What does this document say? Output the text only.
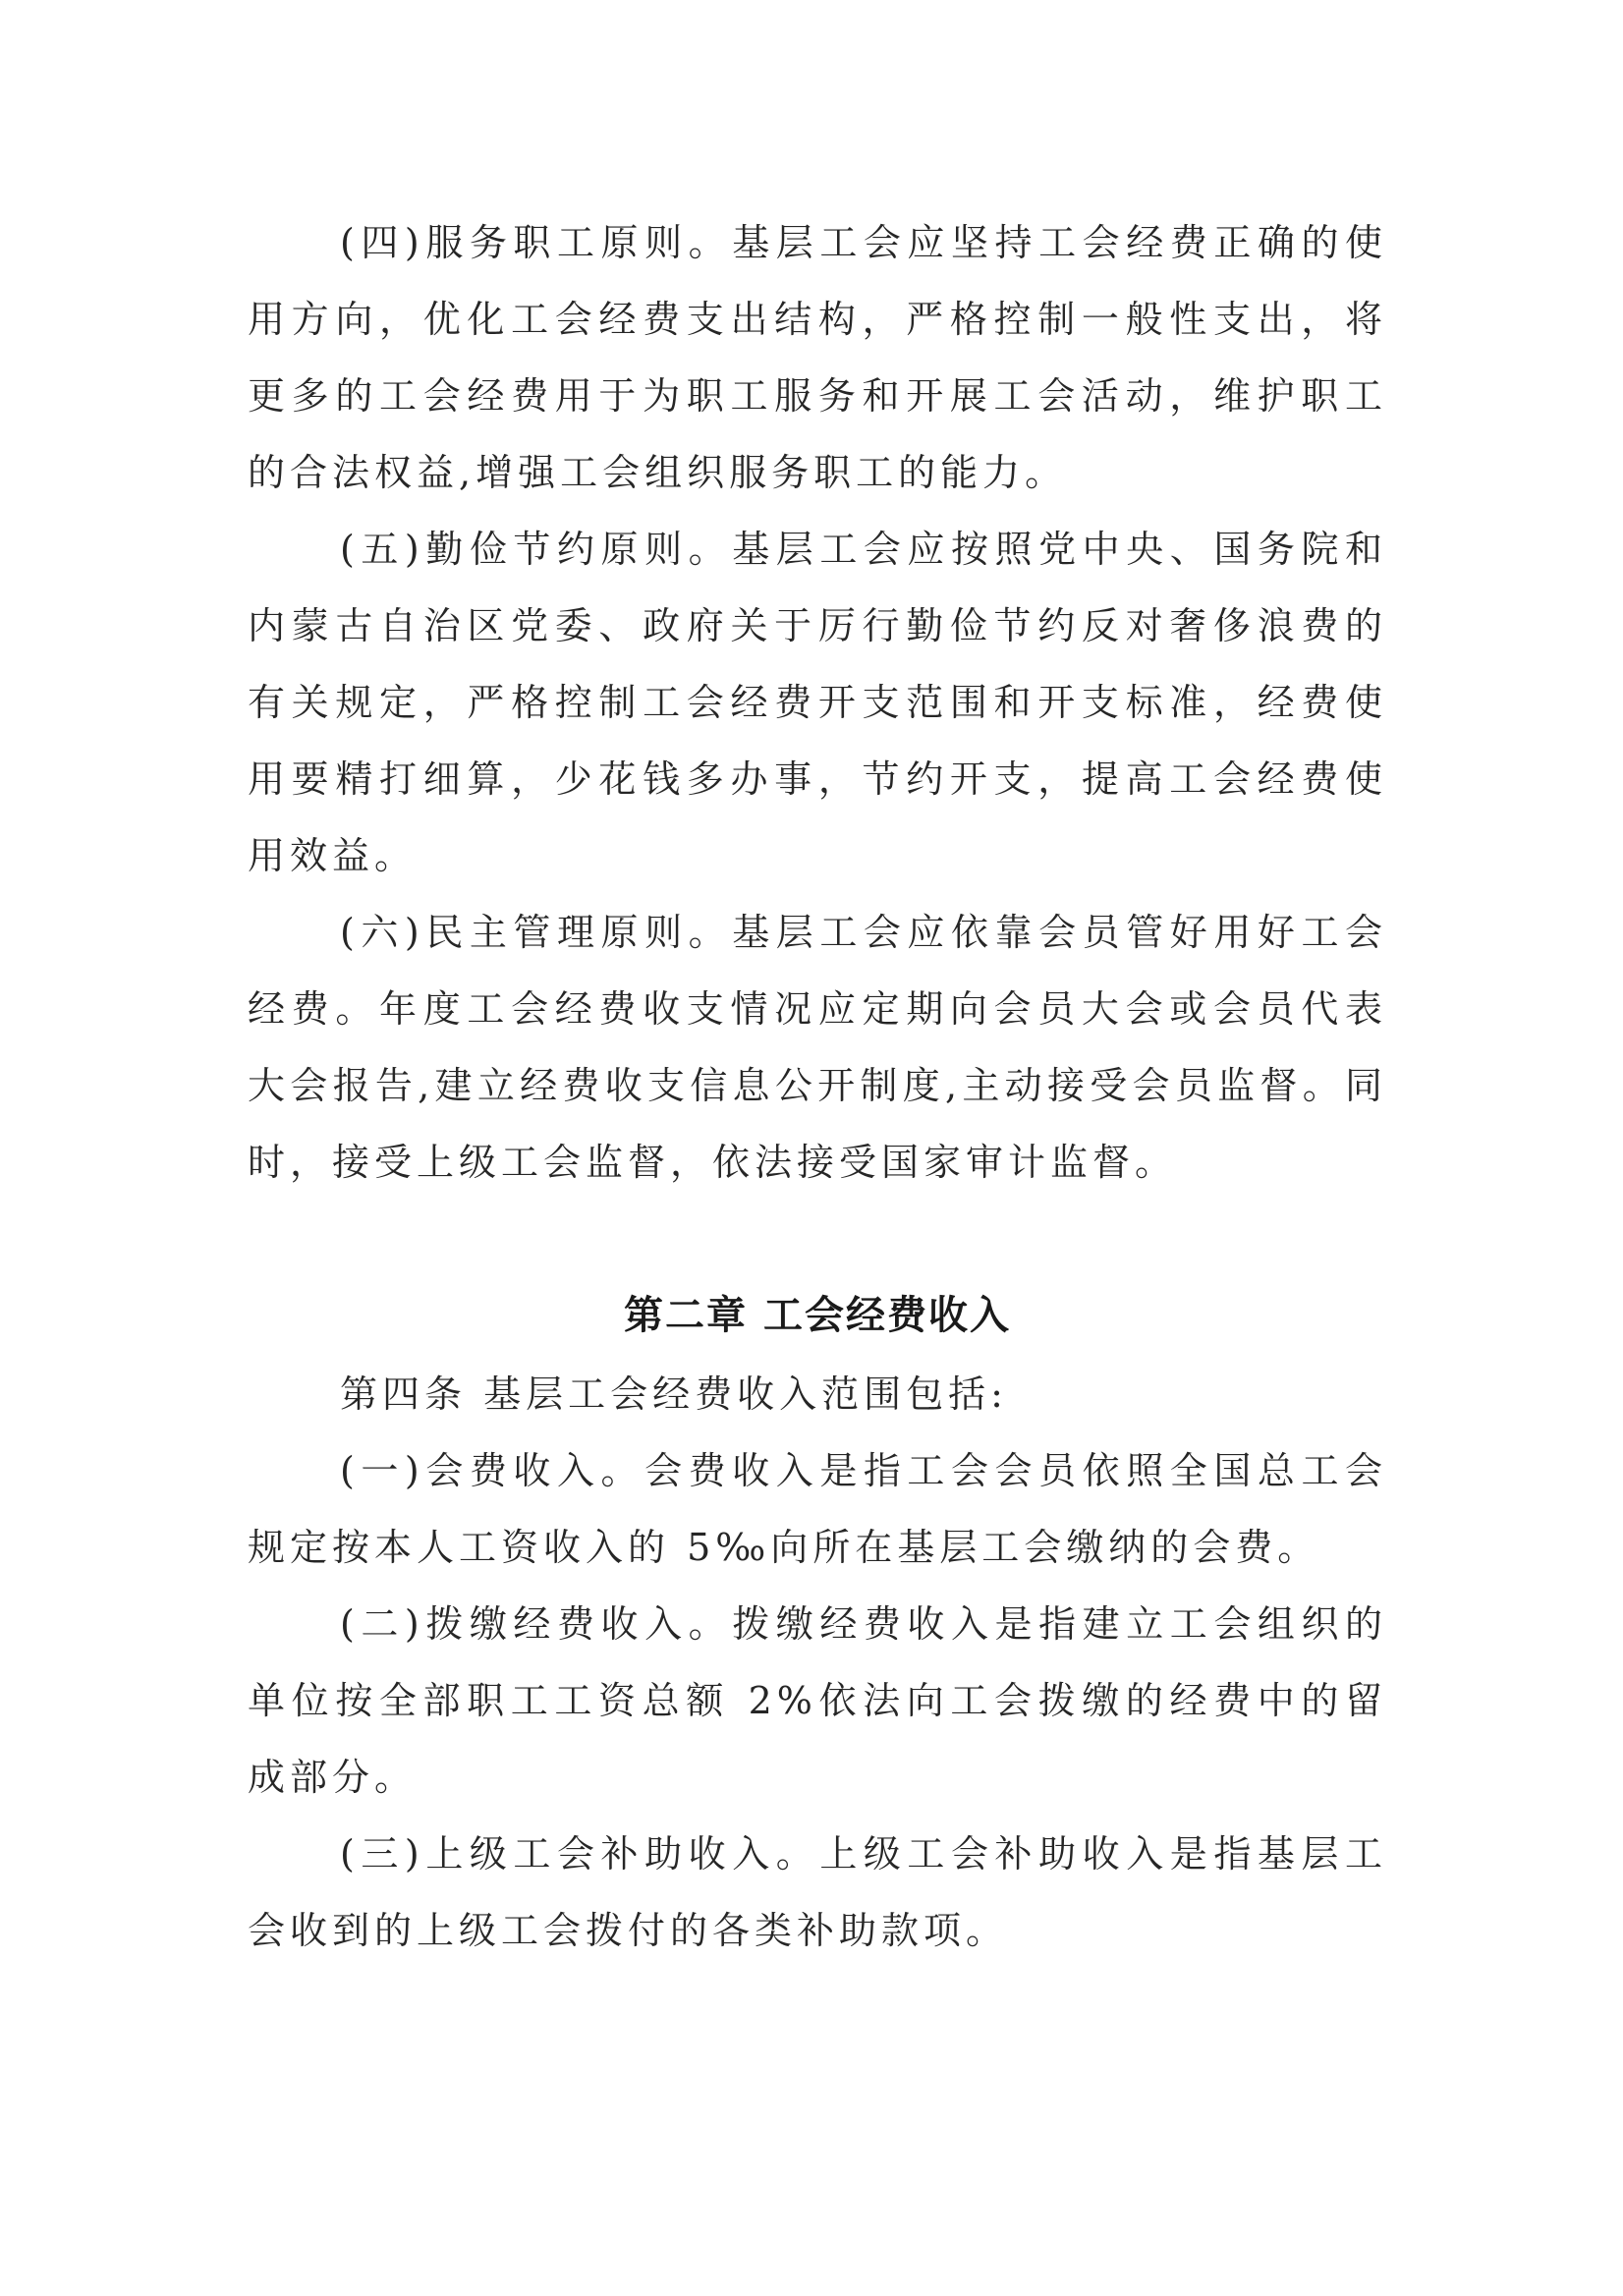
(四)服务职工原则。基层工会应坚持工会经费正确的使用方向，优化工会经费支出结构，严格控制一般性支出，将更多的工会经费用于为职工服务和开展工会活动，维护职工的合法权益,增强工会组织服务职工的能力。

(五)勤俭节约原则。基层工会应按照党中央、国务院和内蒙古自治区党委、政府关于厉行勤俭节约反对奢侈浪费的有关规定，严格控制工会经费开支范围和开支标准，经费使用要精打细算，少花钱多办事，节约开支，提高工会经费使用效益。

(六)民主管理原则。基层工会应依靠会员管好用好工会经费。年度工会经费收支情况应定期向会员大会或会员代表大会报告,建立经费收支信息公开制度,主动接受会员监督。同时，接受上级工会监督，依法接受国家审计监督。

第二章 工会经费收入

第四条 基层工会经费收入范围包括:

(一)会费收入。会费收入是指工会会员依照全国总工会规定按本人工资收入的 5‰向所在基层工会缴纳的会费。

(二)拨缴经费收入。拨缴经费收入是指建立工会组织的单位按全部职工工资总额 2%依法向工会拨缴的经费中的留成部分。

(三)上级工会补助收入。上级工会补助收入是指基层工会收到的上级工会拨付的各类补助款项。
